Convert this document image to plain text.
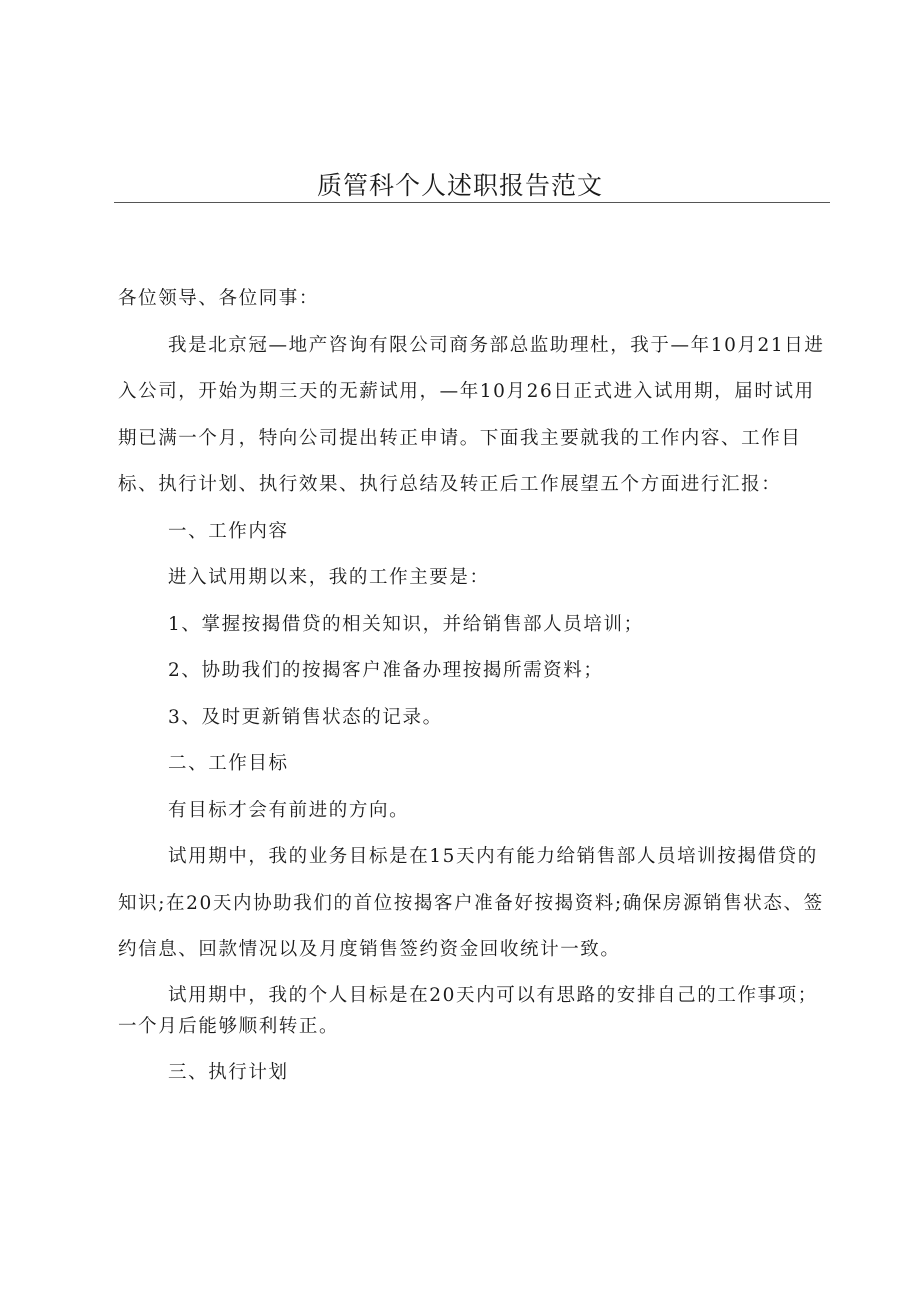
质管科个人述职报告范文

各位领导、各位同事：

我是北京冠—地产咨询有限公司商务部总监助理杜，我于—年10月21日进入公司，开始为期三天的无薪试用，—年10月26日正式进入试用期，届时试用期已满一个月，特向公司提出转正申请。下面我主要就我的工作内容、工作目标、执行计划、执行效果、执行总结及转正后工作展望五个方面进行汇报：

一、工作内容

进入试用期以来，我的工作主要是：

1、掌握按揭借贷的相关知识，并给销售部人员培训；

2、协助我们的按揭客户准备办理按揭所需资料；

3、及时更新销售状态的记录。

二、工作目标

有目标才会有前进的方向。

试用期中，我的业务目标是在15天内有能力给销售部人员培训按揭借贷的知识;在20天内协助我们的首位按揭客户准备好按揭资料;确保房源销售状态、签约信息、回款情况以及月度销售签约资金回收统计一致。

试用期中，我的个人目标是在20天内可以有思路的安排自己的工作事项；一个月后能够顺利转正。

三、执行计划
